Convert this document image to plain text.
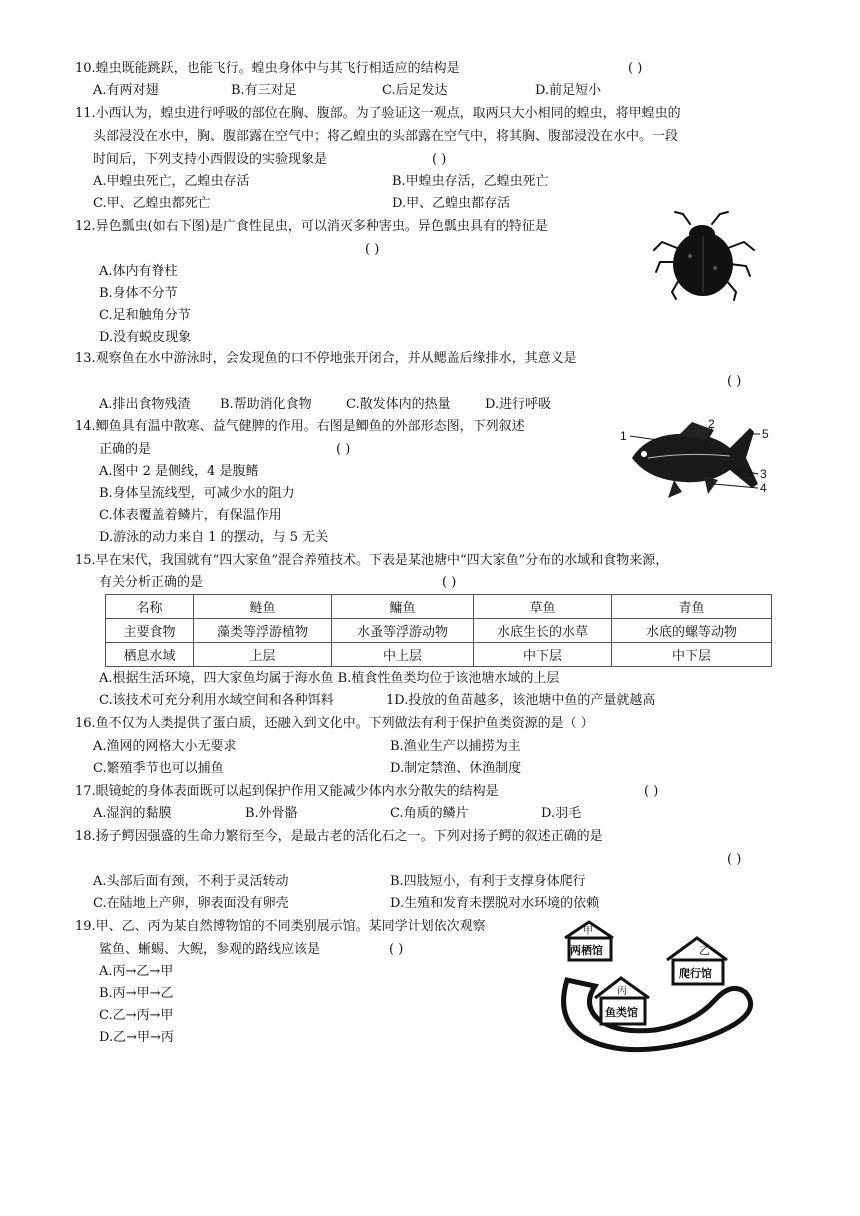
10.蝗虫既能跳跃，也能飞行。蝗虫身体中与其飞行相适应的结构是	( )
A.有两对翅	B.有三对足	C.后足发达	D.前足短小
11.小西认为，蝗虫进行呼吸的部位在胸、腹部。为了验证这一观点，取两只大小相同的蝗虫，将甲蝗虫的
头部浸没在水中，胸、腹部露在空气中；将乙蝗虫的头部露在空气中，将其胸、腹部浸没在水中。一段
时间后，下列支持小西假设的实验现象是	( )
A.甲蝗虫死亡，乙蝗虫存活	B.甲蝗虫存活，乙蝗虫死亡
C.甲、乙蝗虫都死亡	D.甲、乙蝗虫都存活
12.异色瓢虫(如右下图)是广食性昆虫，可以消灭多种害虫。异色瓢虫具有的特征是
( )
A.体内有脊柱
B.身体不分节
C.足和触角分节
D.没有蜕皮现象
13.观察鱼在水中游泳时，会发现鱼的口不停地张开闭合，并从鳃盖后缘排水，其意义是
( )
A.排出食物残渣 B.帮助消化食物	C.散发体内的热量	D.进行呼吸
14.鲫鱼具有温中散寒、益气健脾的作用。右图是鲫鱼的外部形态图，下列叙述
正确的是	( )
A.图中 2 是侧线，4 是腹鳍
B.身体呈流线型，可减少水的阻力
C.体表覆盖着鳞片，有保温作用
D.游泳的动力来自 1 的摆动，与 5 无关
1
2
3
4
5
15.早在宋代，我国就有“四大家鱼”混合养殖技术。下表是某池塘中“四大家鱼”分布的水域和食物来源，
有关分析正确的是	( )
名称	鲢鱼	鳙鱼	草鱼	青鱼
主要食物	藻类等浮游植物	水蚤等浮游动物	水底生长的水草	水底的螺等动物
栖息水域	上层	中上层	中下层	中下层
A.根据生活环境，四大家鱼均属于海水鱼 B.植食性鱼类均位于该池塘水域的上层
C.该技术可充分利用水域空间和各种饵料	1D.投放的鱼苗越多，该池塘中鱼的产量就越高
16.鱼不仅为人类提供了蛋白质，还融入到文化中。下列做法有利于保护鱼类资源的是（ ）
A.渔网的网格大小无要求	B.渔业生产以捕捞为主
C.繁殖季节也可以捕鱼	D.制定禁渔、休渔制度
17.眼镜蛇的身体表面既可以起到保护作用又能减少体内水分散失的结构是	( )
A.湿润的黏膜	B.外骨骼	C.角质的鳞片	D.羽毛
18.扬子鳄因强盛的生命力繁衍至今，是最古老的活化石之一。下列对扬子鳄的叙述正确的是
( )
A.头部后面有颈，不利于灵活转动	B.四肢短小，有利于支撑身体爬行
C.在陆地上产卵，卵表面没有卵壳	D.生殖和发育未摆脱对水环境的依赖
19.甲、乙、丙为某自然博物馆的不同类别展示馆。某同学计划依次观察
鲨鱼、蜥蜴、大鲵，参观的路线应该是	( )
A.丙→乙→甲
B.丙→甲→乙
C.乙→丙→甲
D.乙→甲→丙
甲
两栖馆	乙
爬行馆
丙
鱼类馆
